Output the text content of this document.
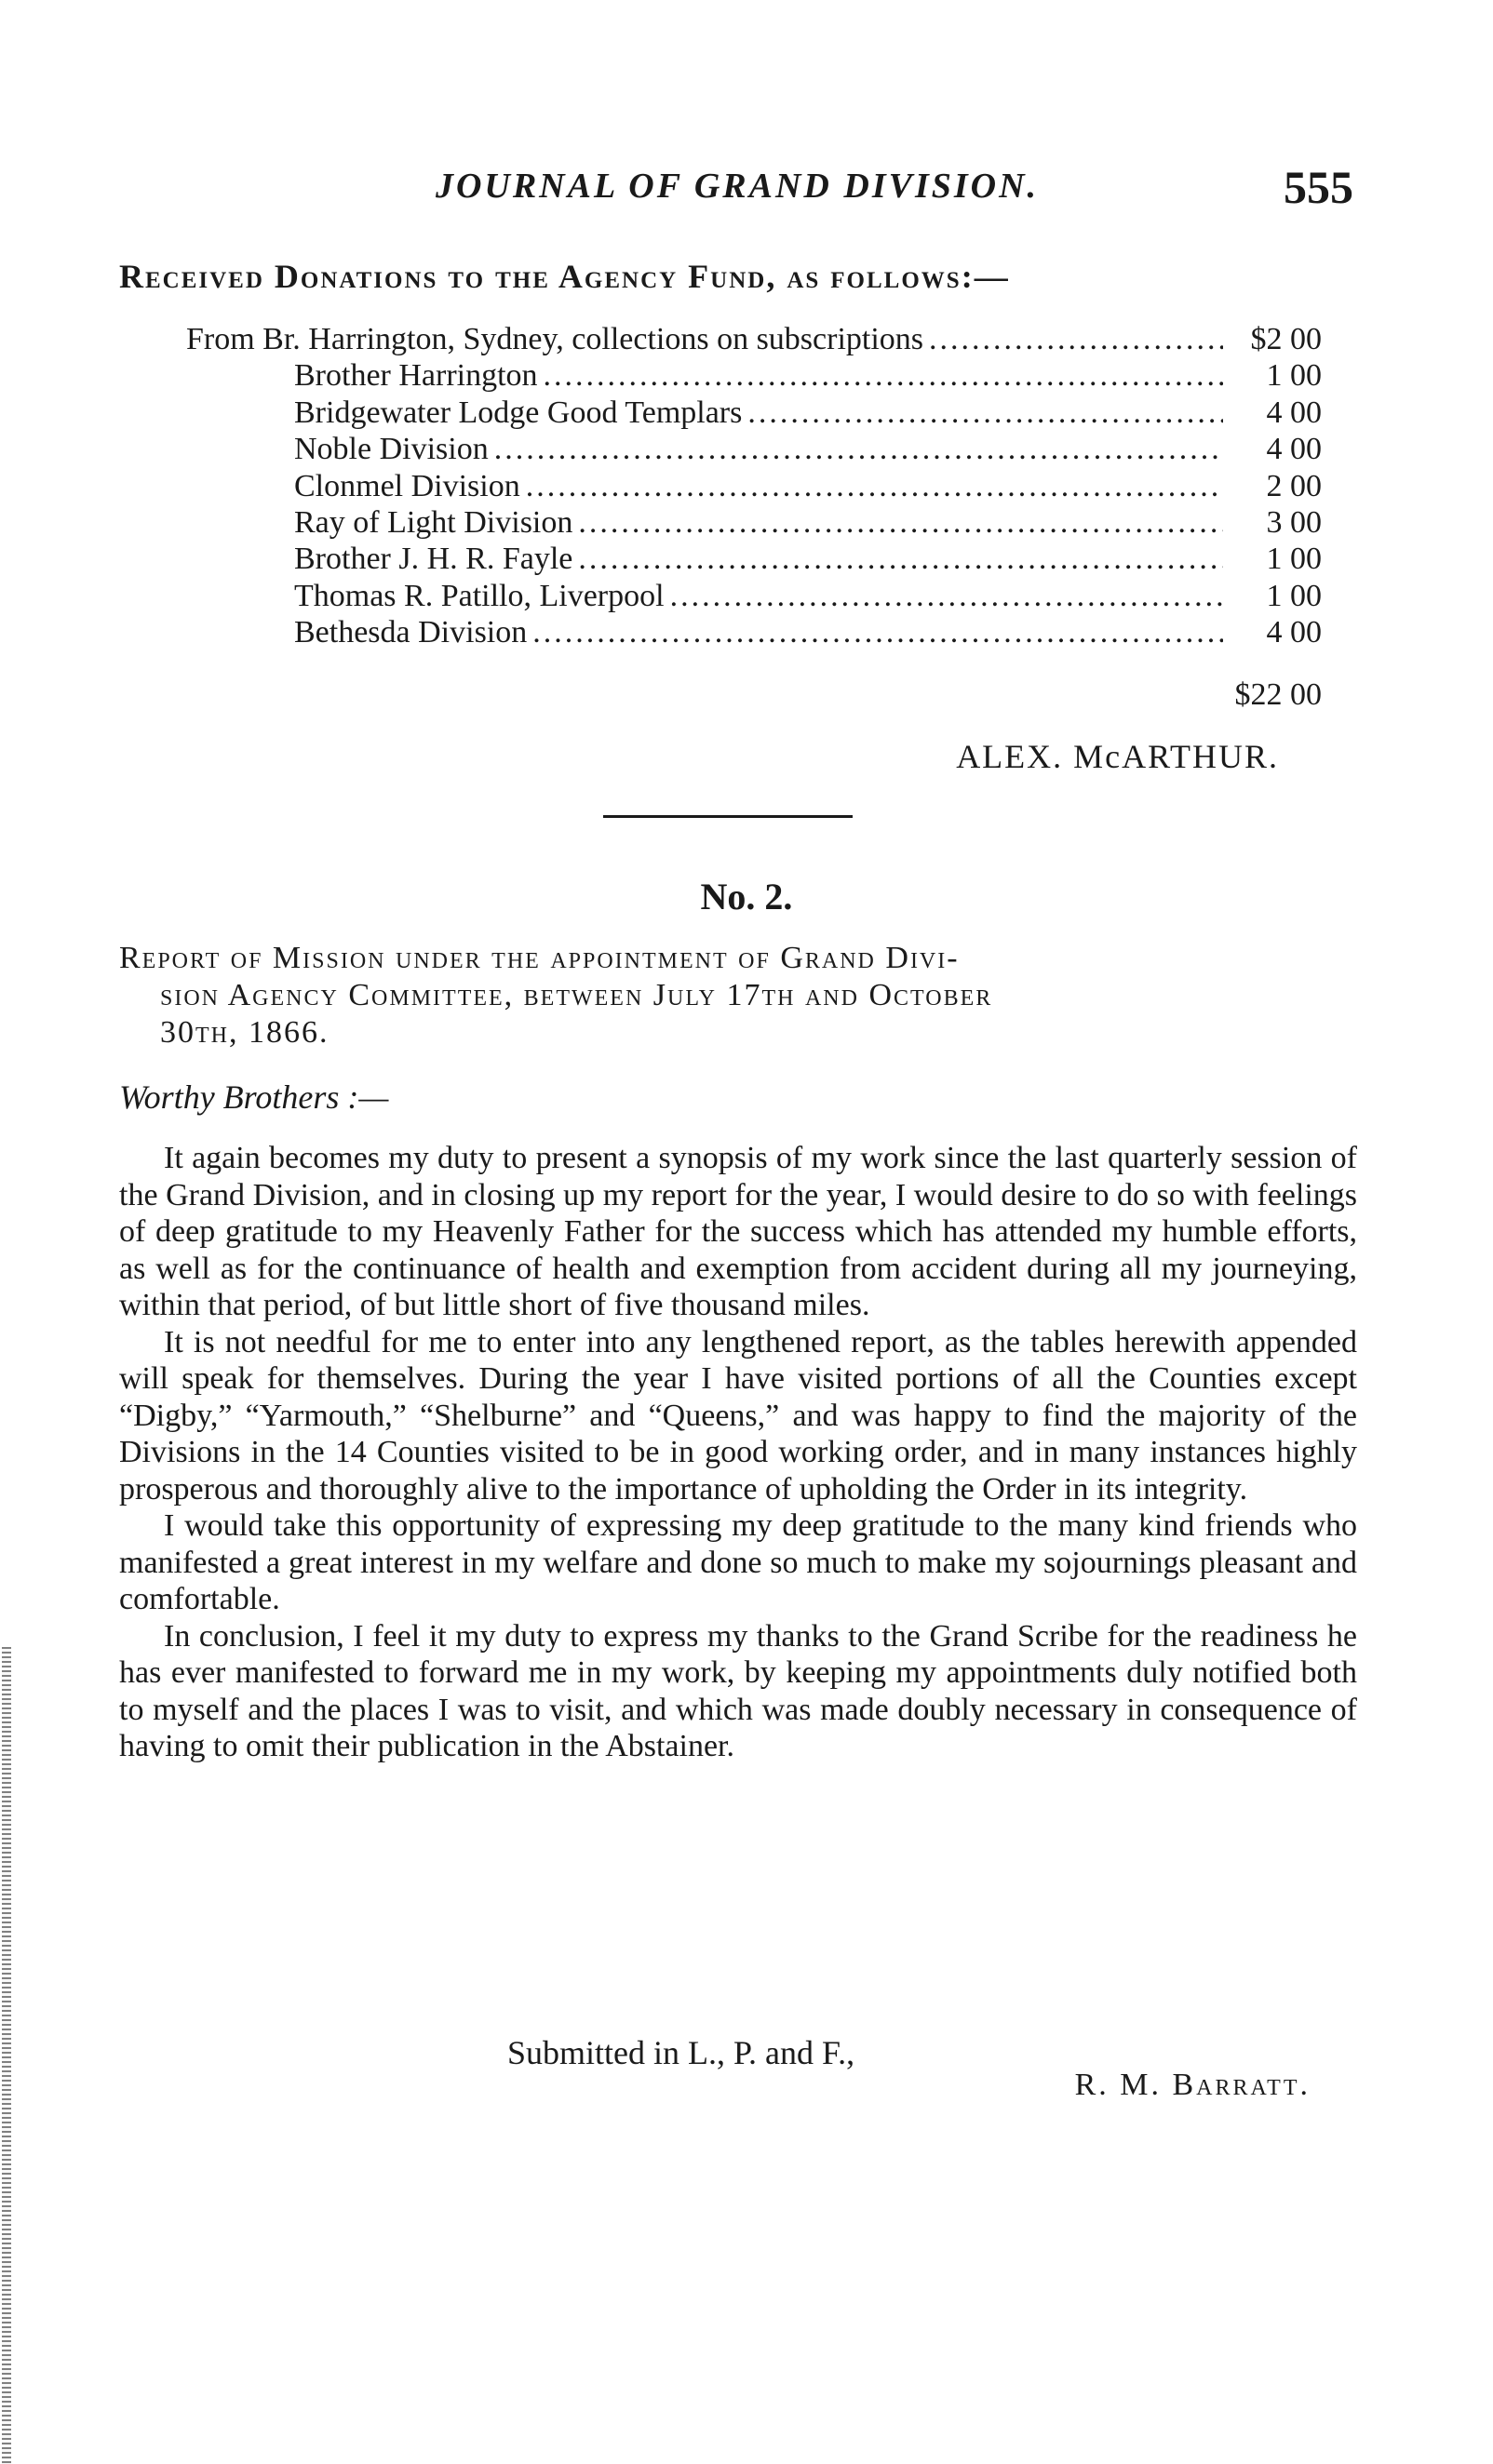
JOURNAL OF GRAND DIVISION.	555
Received Donations to the Agency Fund, as follows:—
From Br. Harrington, Sydney, collections on subscriptions .....	$2 00
Brother Harrington .....	1 00
Bridgewater Lodge Good Templars .....	4 00
Noble Division .....	4 00
Clonmel Division .....	2 00
Ray of Light Division .....	3 00
Brother J. H. R. Fayle .....	1 00
Thomas R. Patillo, Liverpool .....	1 00
Bethesda Division .....	4 00
$22 00
ALEX. McARTHUR.
No. 2.
Report of Mission under the appointment of Grand Divi-
sion Agency Committee, between July 17th and October
30th, 1866.
Worthy Brothers :—

It again becomes my duty to present a synopsis of my work since the last quarterly session of the Grand Division, and in closing up my report for the year, I would desire to do so with feelings of deep gratitude to my Heavenly Father for the success which has attended my humble efforts, as well as for the continuance of health and exemption from accident during all my journeying, within that period, of but little short of five thousand miles.

It is not needful for me to enter into any lengthened report, as the tables herewith appended will speak for themselves. During the year I have visited portions of all the Counties except “Digby,” “Yarmouth,” “Shelburne” and “Queens,” and was happy to find the majority of the Divisions in the 14 Counties visited to be in good working order, and in many instances highly prosperous and thoroughly alive to the importance of upholding the Order in its integrity.

I would take this opportunity of expressing my deep gratitude to the many kind friends who manifested a great interest in my welfare and done so much to make my sojournings pleasant and comfortable.

In conclusion, I feel it my duty to express my thanks to the Grand Scribe for the readiness he has ever manifested to forward me in my work, by keeping my appointments duly notified both to myself and the places I was to visit, and which was made doubly necessary in consequence of having to omit their publication in the Abstainer.

Submitted in L., P. and F.,
R. M. Barratt.
